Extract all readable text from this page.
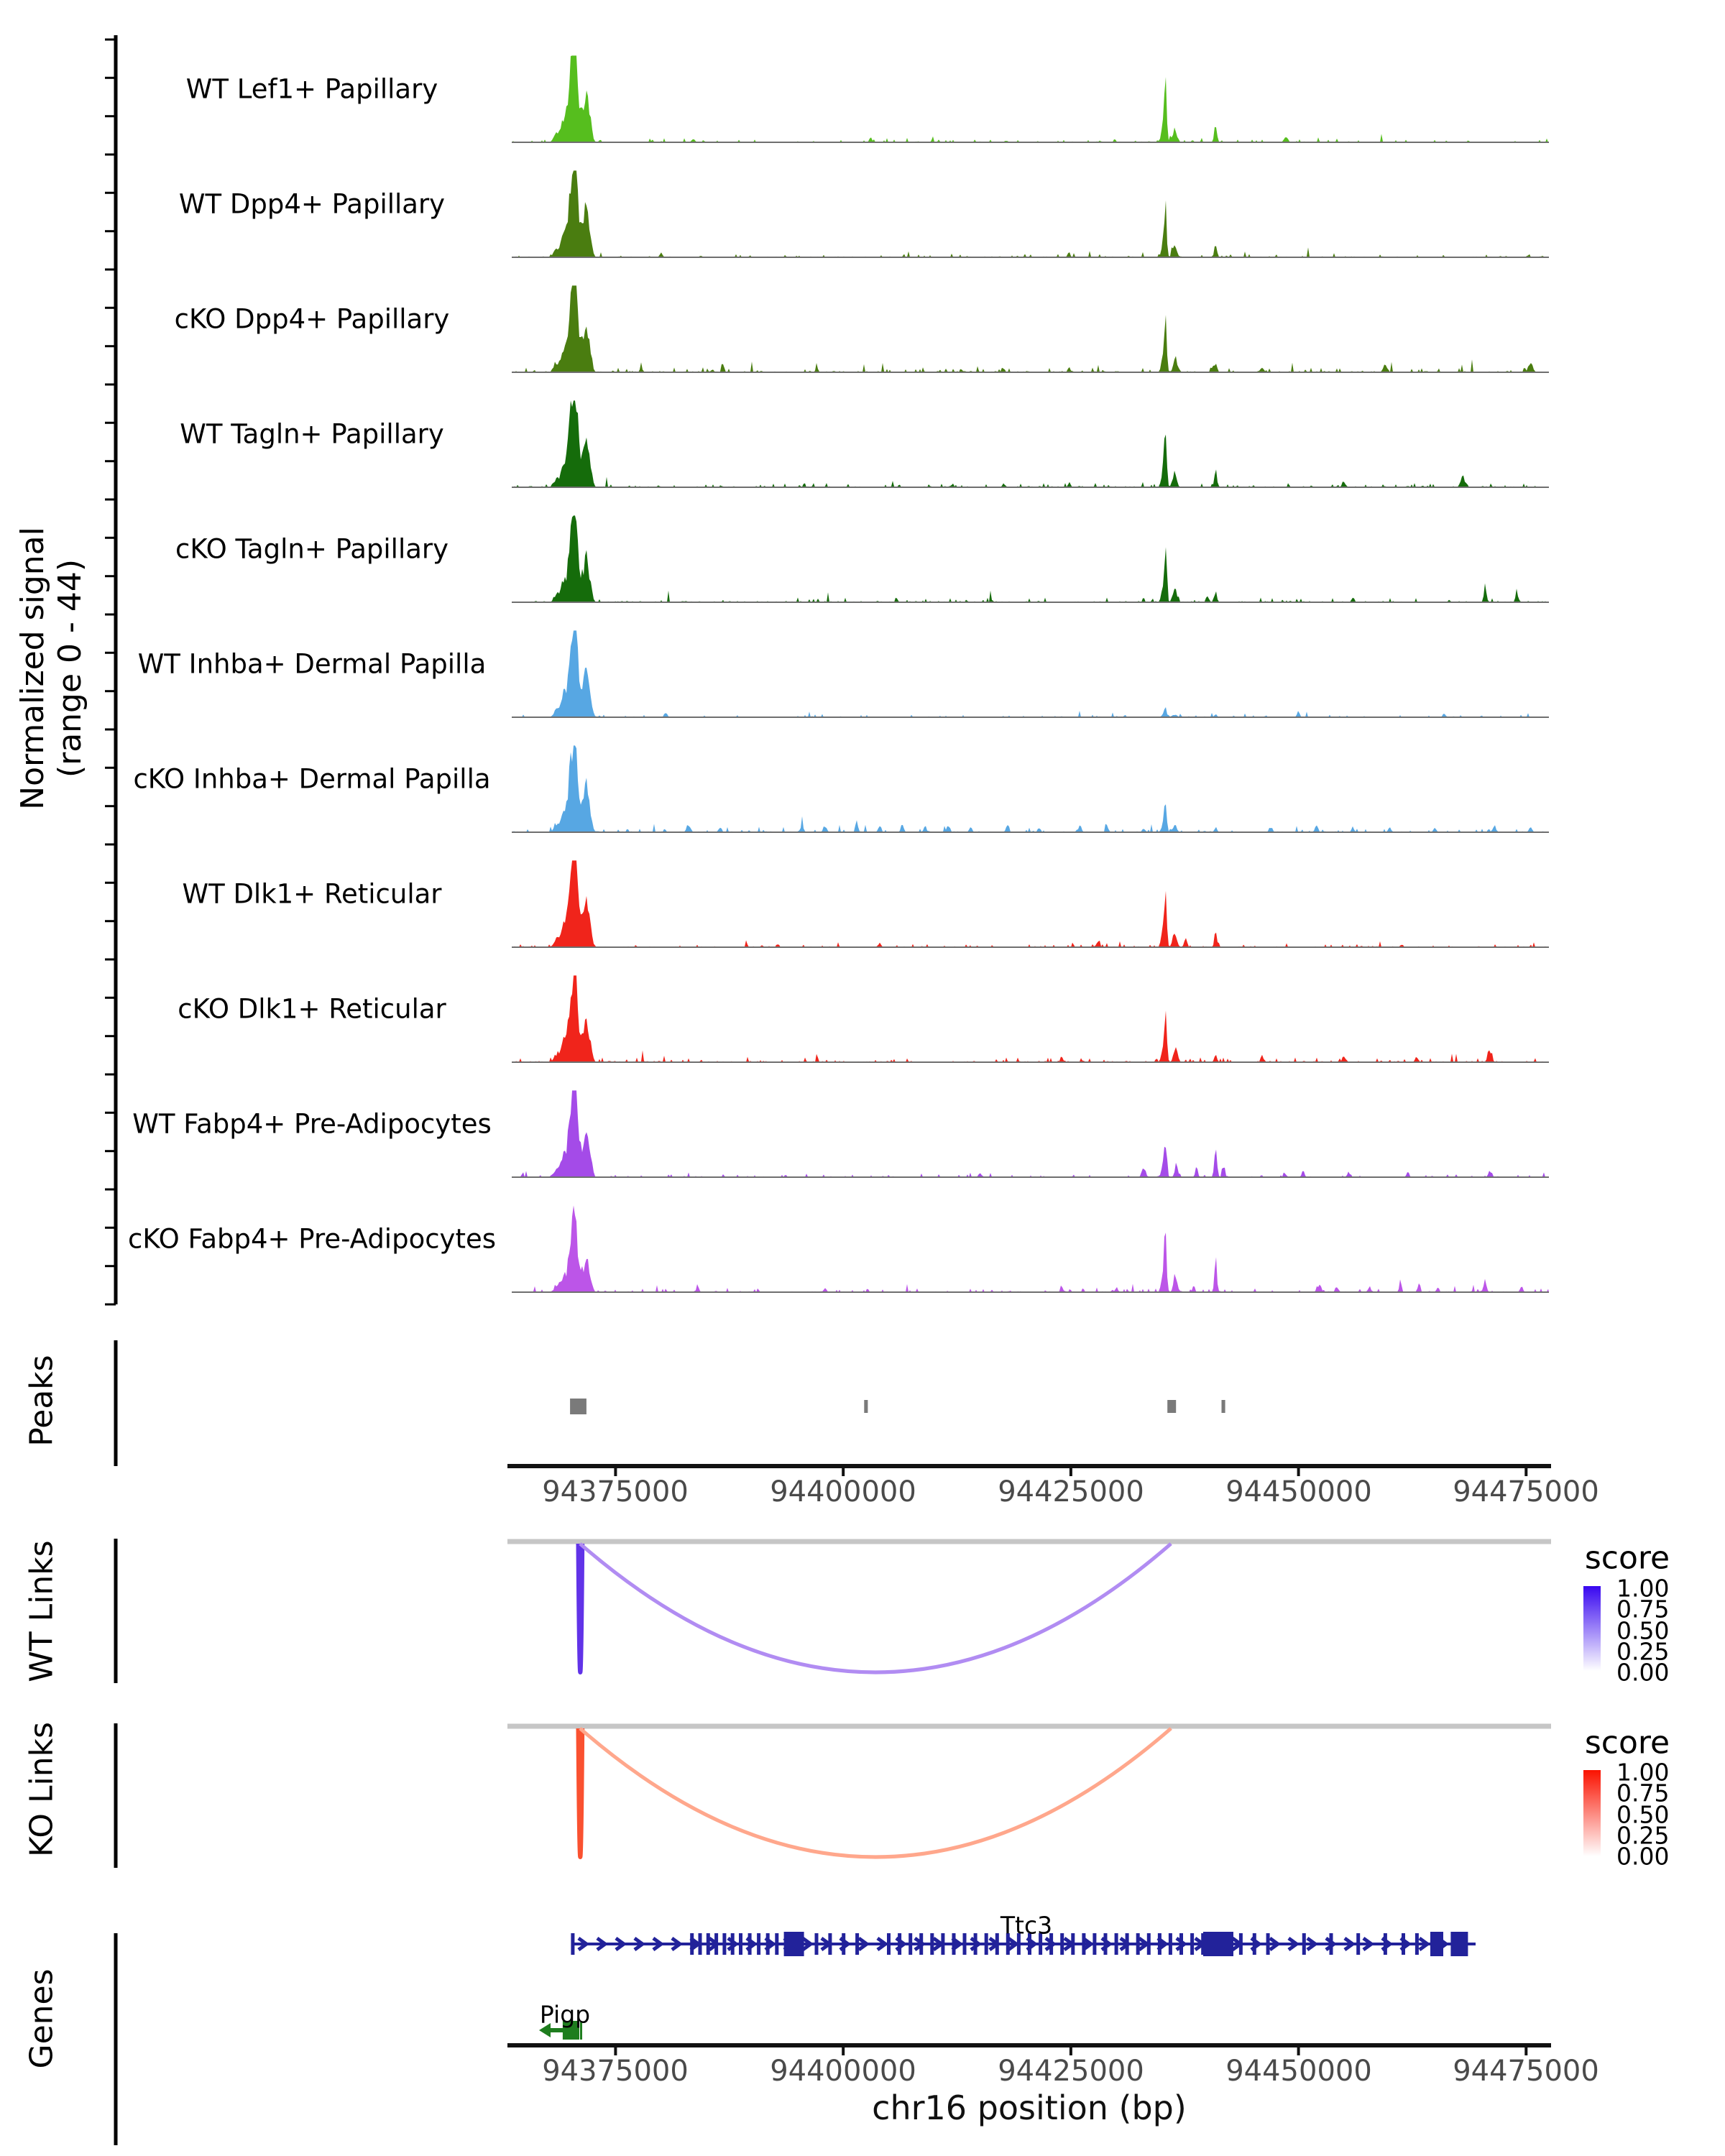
Normalized signal (range 0 - 44)
Peaks
WT Links
KO Links
Genes
score
score
Ttc3
Pigp
chr16 position (bp)
WT Lef1+ Papillary
WT Dpp4+ Papillary
cKO Dpp4+ Papillary
WT Tagln+ Papillary
cKO Tagln+ Papillary
WT Inhba+ Dermal Papilla
cKO Inhba+ Dermal Papilla
WT Dlk1+ Reticular
cKO Dlk1+ Reticular
WT Fabp4+ Pre-Adipocytes
cKO Fabp4+ Pre-Adipocytes
94375000	94400000	94425000	94450000	94475000
94375000	94400000	94425000	94450000	94475000
1.00
0.75
0.50
0.25
0.00
1.00
0.75
0.50
0.25
0.00
